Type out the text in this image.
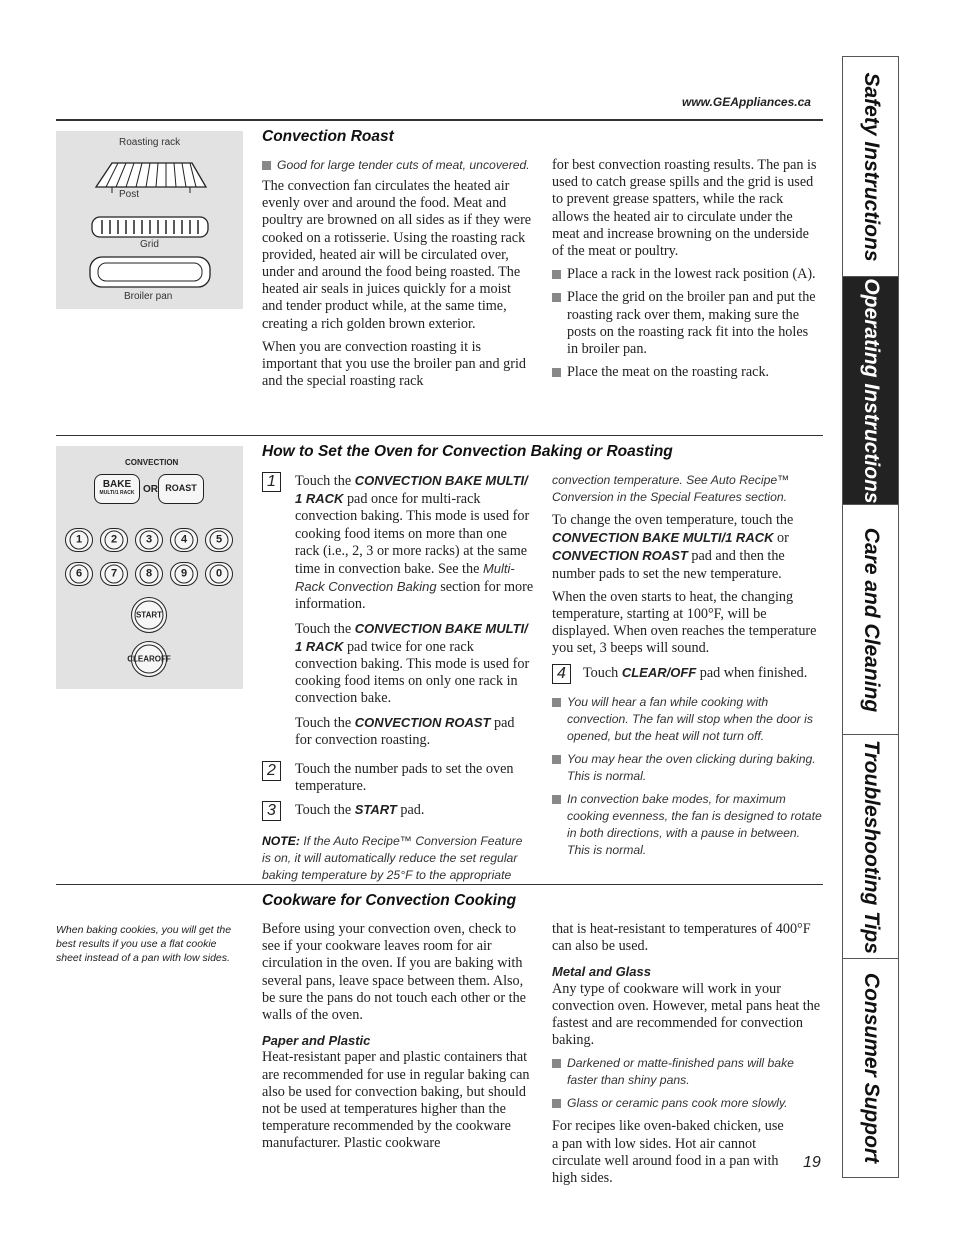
www.GEAppliances.ca Safety Instructions
Operating Instructions
Care and Cleaning
Troubleshooting Tips
Consumer Support
Roasting rack
Post
Grid
Broiler pan
Convection Roast
Good for large tender cuts of meat, uncovered.

The convection fan circulates the heated air evenly over and around the food. Meat and poultry are browned on all sides as if they were cooked on a rotisserie. Using the roasting rack provided, heated air will be circulated over, under and around the food being roasted. The heated air seals in juices quickly for a moist and tender product while, at the same time, creating a rich golden brown exterior.

When you are convection roasting it is important that you use the broiler pan and grid and the special roasting rack

for best convection roasting results. The pan is used to catch grease spills and the grid is used to prevent grease spatters, while the rack allows the heated air to circulate under the meat and increase browning on the underside of the meat or poultry.

Place a rack in the lowest rack position (A).
Place the grid on the broiler pan and put the roasting rack over them, making sure the posts on the roasting rack fit into the holes in broiler pan.
Place the meat on the roasting rack.
CONVECTION
BAKE
MULTI/1 RACK OR ROAST
1	2	3	4	5
6	7	8	9	0
START
CLEAR OFF
How to Set the Oven for Convection Baking or Roasting
1	Touch the CONVECTION BAKE MULTI/ 1 RACK pad once for multi-rack convection baking. This mode is used for cooking food items on more than one rack (i.e., 2, 3 or more racks) at the same time in convection bake. See the Multi-Rack Convection Baking section for more information.

Touch the CONVECTION BAKE MULTI/ 1 RACK pad twice for one rack convection baking. This mode is used for cooking food items on only one rack in convection bake.

Touch the CONVECTION ROAST pad for convection roasting.

2	Touch the number pads to set the oven temperature.
3	Touch the START pad.
NOTE: If the Auto Recipe™ Conversion Feature is on, it will automatically reduce the set regular baking temperature by 25°F to the appropriate

convection temperature. See Auto Recipe™ Conversion in the Special Features section.

To change the oven temperature, touch the CONVECTION BAKE MULTI/1 RACK or CONVECTION ROAST pad and then the number pads to set the new temperature.

When the oven starts to heat, the changing temperature, starting at 100°F, will be displayed. When oven reaches the temperature you set, 3 beeps will sound.

4	Touch CLEAR/OFF pad when finished.
You will hear a fan while cooking with convection. The fan will stop when the door is opened, but the heat will not turn off.
You may hear the oven clicking during baking. This is normal.
In convection bake modes, for maximum cooking evenness, the fan is designed to rotate in both directions, with a pause in between. This is normal.
Cookware for Convection Cooking
When baking cookies, you will get the best results if you use a flat cookie sheet instead of a pan with low sides.

Before using your convection oven, check to see if your cookware leaves room for air circulation in the oven. If you are baking with several pans, leave space between them. Also, be sure the pans do not touch each other or the walls of the oven.

Paper and Plastic

Heat-resistant paper and plastic containers that are recommended for use in regular baking can also be used for convection baking, but should not be used at temperatures higher than the temperature recommended by the cookware manufacturer. Plastic cookware

that is heat-resistant to temperatures of 400°F can also be used.

Metal and Glass

Any type of cookware will work in your convection oven. However, metal pans heat the fastest and are recommended for convection baking.

Darkened or matte-finished pans will bake faster than shiny pans.
Glass or ceramic pans cook more slowly.

For recipes like oven-baked chicken, use a pan with low sides. Hot air cannot circulate well around food in a pan with high sides.

19
